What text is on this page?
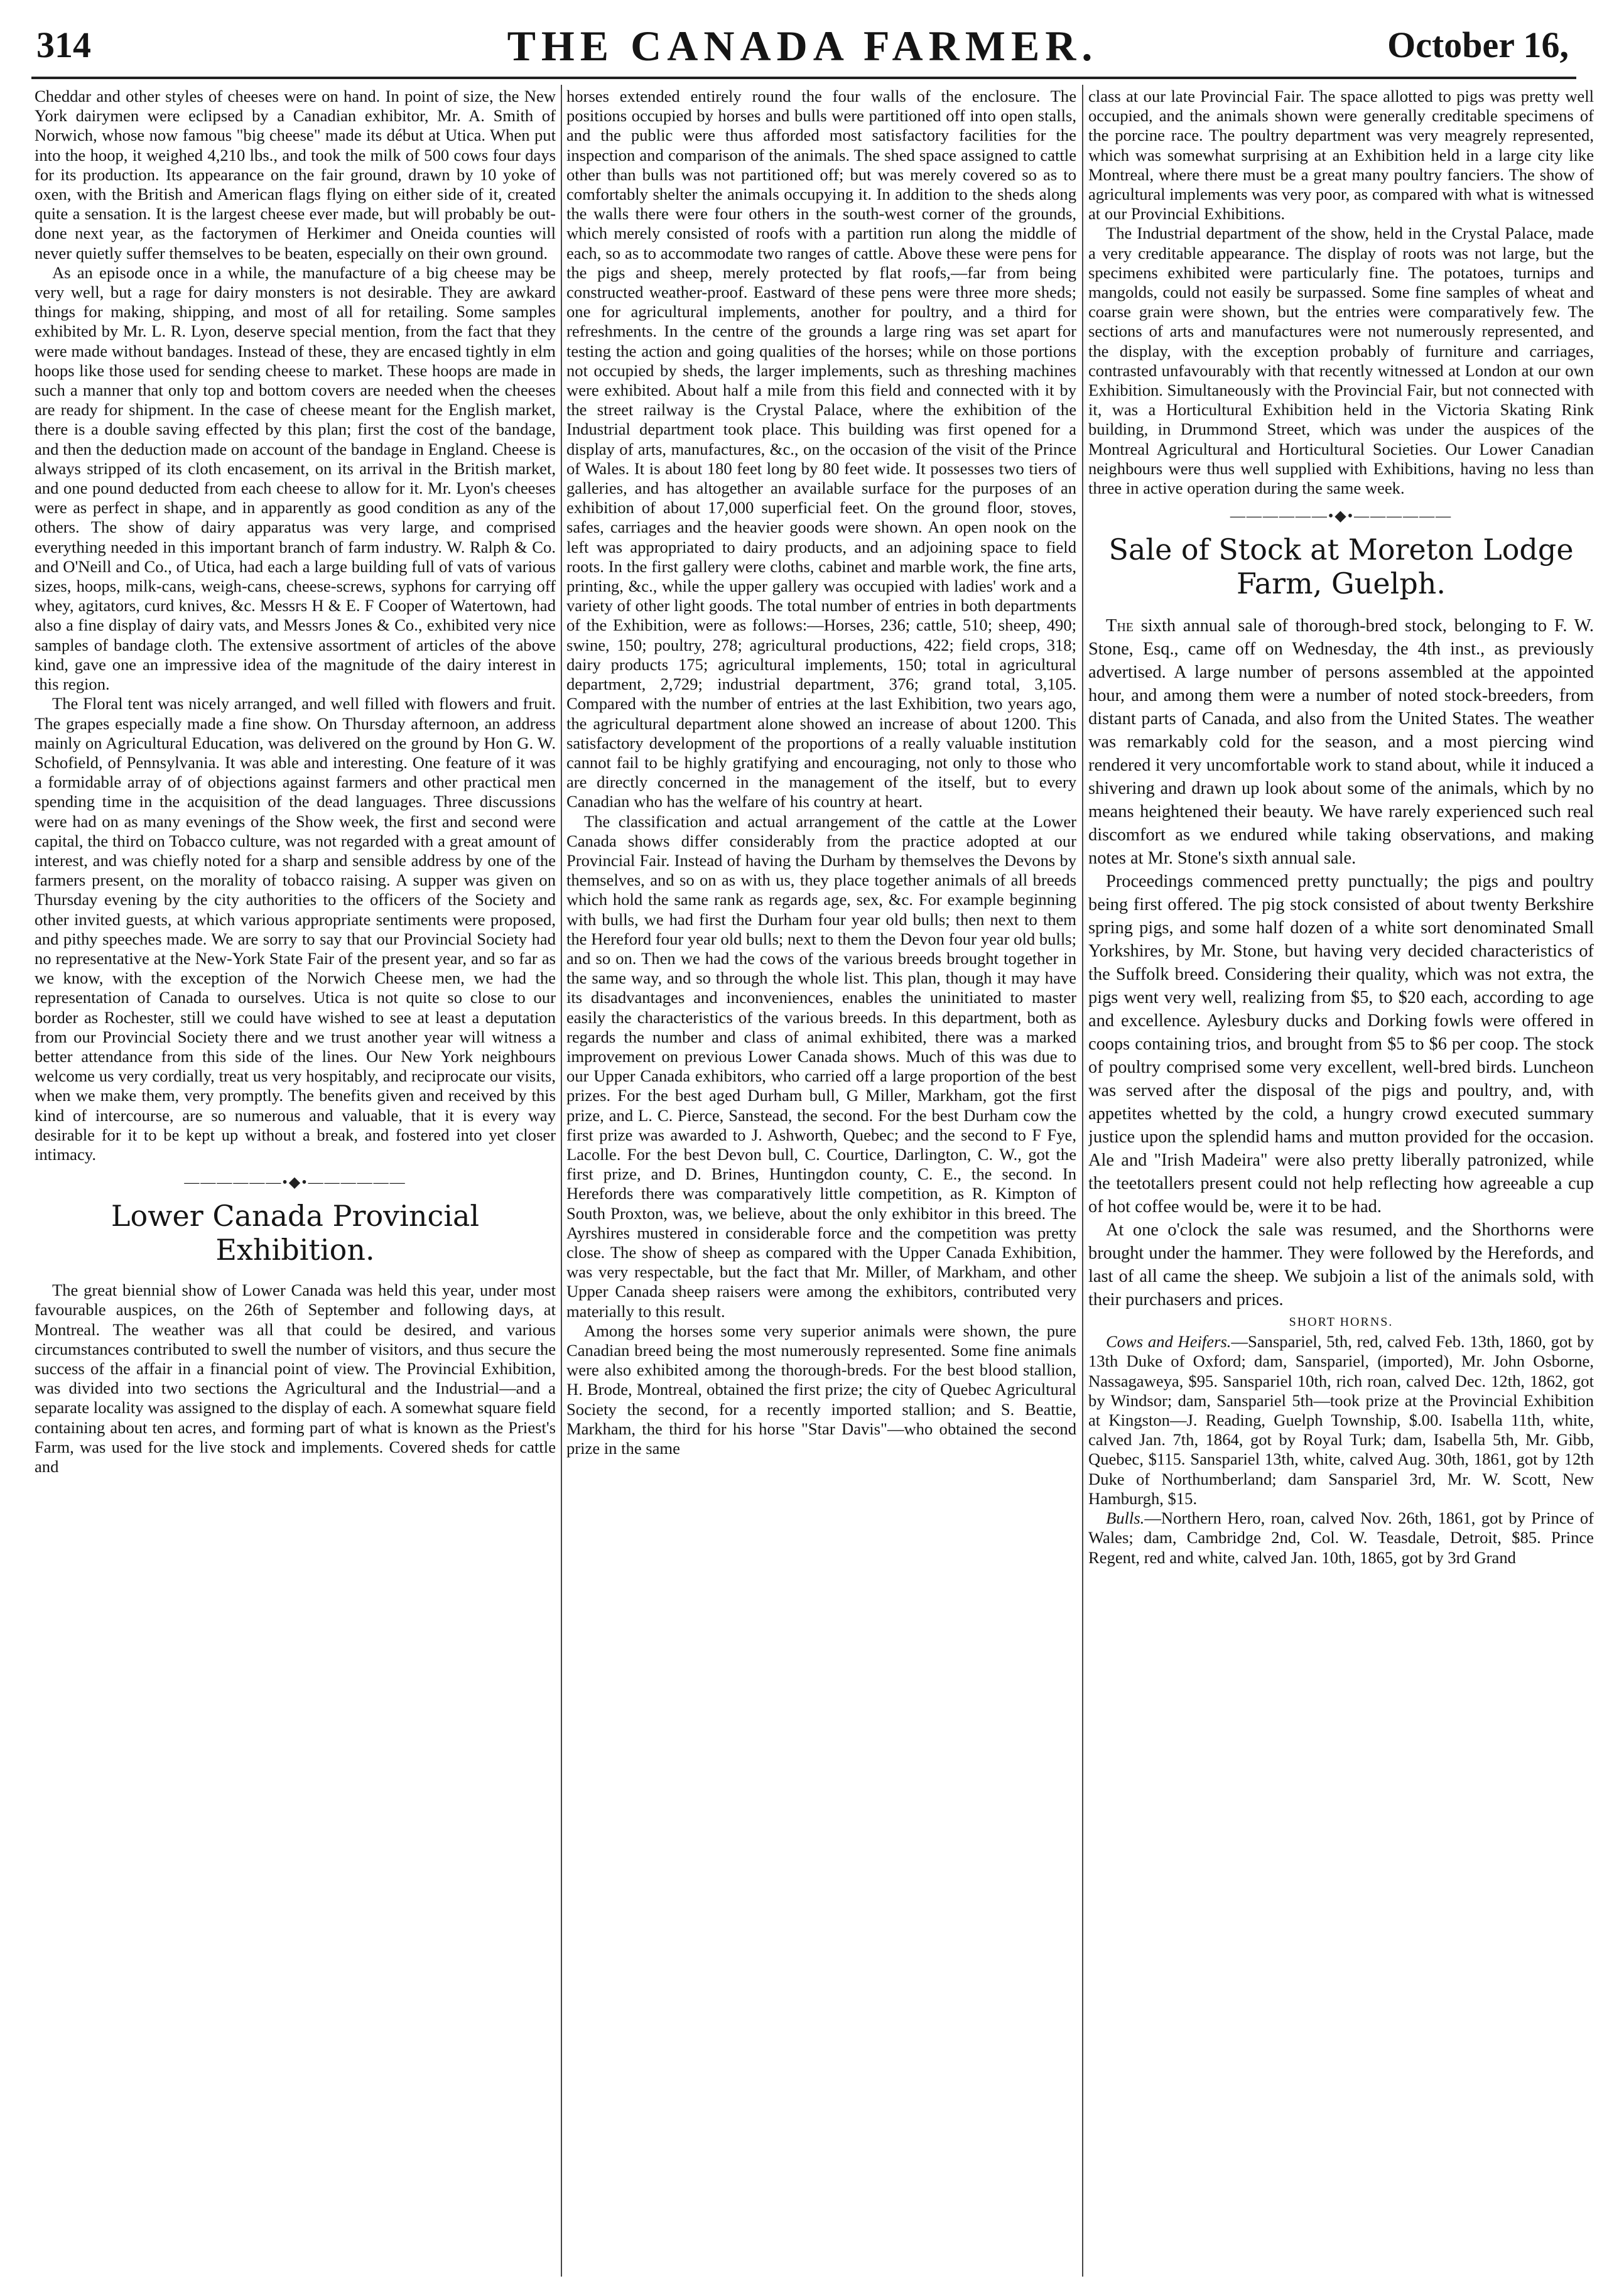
314	THE CANADA FARMER.	October 16,

Cheddar and other styles of cheeses were on hand. In point of size, the New York dairymen were eclipsed by a Canadian exhibitor, Mr. A. Smith of Norwich, whose now famous "big cheese" made its début at Utica. When put into the hoop, it weighed 4,210 lbs., and took the milk of 500 cows four days for its production. Its appearance on the fair ground, drawn by 10 yoke of oxen, with the British and American flags flying on either side of it, created quite a sensation. It is the largest cheese ever made, but will probably be out-done next year, as the factorymen of Herkimer and Oneida counties will never quietly suffer themselves to be beaten, especially on their own ground.

As an episode once in a while, the manufacture of a big cheese may be very well, but a rage for dairy monsters is not desirable. They are awkard things for making, shipping, and most of all for retailing. Some samples exhibited by Mr. L. R. Lyon, deserve special mention, from the fact that they were made without bandages. Instead of these, they are encased tightly in elm hoops like those used for sending cheese to market. These hoops are made in such a manner that only top and bottom covers are needed when the cheeses are ready for shipment. In the case of cheese meant for the English market, there is a double saving effected by this plan; first the cost of the bandage, and then the deduction made on account of the bandage in England. Cheese is always stripped of its cloth encasement, on its arrival in the British market, and one pound deducted from each cheese to allow for it. Mr. Lyon's cheeses were as perfect in shape, and in apparently as good condition as any of the others. The show of dairy apparatus was very large, and comprised everything needed in this important branch of farm industry. W. Ralph & Co. and O'Neill and Co., of Utica, had each a large building full of vats of various sizes, hoops, milk-cans, weigh-cans, cheese-screws, syphons for carrying off whey, agitators, curd knives, &c. Messrs H & E. F Cooper of Watertown, had also a fine display of dairy vats, and Messrs Jones & Co., exhibited very nice samples of bandage cloth. The extensive assortment of articles of the above kind, gave one an impressive idea of the magnitude of the dairy interest in this region.

The Floral tent was nicely arranged, and well filled with flowers and fruit. The grapes especially made a fine show. On Thursday afternoon, an address mainly on Agricultural Education, was delivered on the ground by Hon G. W. Schofield, of Pennsylvania. It was able and interesting. One feature of it was a formidable array of of objections against farmers and other practical men spending time in the acquisition of the dead languages. Three discussions were had on as many evenings of the Show week, the first and second were capital, the third on Tobacco culture, was not regarded with a great amount of interest, and was chiefly noted for a sharp and sensible address by one of the farmers present, on the morality of tobacco raising. A supper was given on Thursday evening by the city authorities to the officers of the Society and other invited guests, at which various appropriate sentiments were proposed, and pithy speeches made. We are sorry to say that our Provincial Society had no representative at the New-York State Fair of the present year, and so far as we know, with the exception of the Norwich Cheese men, we had the representation of Canada to ourselves. Utica is not quite so close to our border as Rochester, still we could have wished to see at least a deputation from our Provincial Society there and we trust another year will witness a better attendance from this side of the lines. Our New York neighbours welcome us very cordially, treat us very hospitably, and reciprocate our visits, when we make them, very promptly. The benefits given and received by this kind of intercourse, are so numerous and valuable, that it is every way desirable for it to be kept up without a break, and fostered into yet closer intimacy.

——————•◆•——————
Lower Canada Provincial Exhibition.

The great biennial show of Lower Canada was held this year, under most favourable auspices, on the 26th of September and following days, at Montreal. The weather was all that could be desired, and various circumstances contributed to swell the number of visitors, and thus secure the success of the affair in a financial point of view. The Provincial Exhibition, was divided into two sections the Agricultural and the Industrial—and a separate locality was assigned to the display of each. A somewhat square field containing about ten acres, and forming part of what is known as the Priest's Farm, was used for the live stock and implements. Covered sheds for cattle and

horses extended entirely round the four walls of the enclosure. The positions occupied by horses and bulls were partitioned off into open stalls, and the public were thus afforded most satisfactory facilities for the inspection and comparison of the animals. The shed space assigned to cattle other than bulls was not partitioned off; but was merely covered so as to comfortably shelter the animals occupying it. In addition to the sheds along the walls there were four others in the south-west corner of the grounds, which merely consisted of roofs with a partition run along the middle of each, so as to accommodate two ranges of cattle. Above these were pens for the pigs and sheep, merely protected by flat roofs,—far from being constructed weather-proof. Eastward of these pens were three more sheds; one for agricultural implements, another for poultry, and a third for refreshments. In the centre of the grounds a large ring was set apart for testing the action and going qualities of the horses; while on those portions not occupied by sheds, the larger implements, such as threshing machines were exhibited. About half a mile from this field and connected with it by the street railway is the Crystal Palace, where the exhibition of the Industrial department took place. This building was first opened for a display of arts, manufactures, &c., on the occasion of the visit of the Prince of Wales. It is about 180 feet long by 80 feet wide. It possesses two tiers of galleries, and has altogether an available surface for the purposes of an exhibition of about 17,000 superficial feet. On the ground floor, stoves, safes, carriages and the heavier goods were shown. An open nook on the left was appropriated to dairy products, and an adjoining space to field roots. In the first gallery were cloths, cabinet and marble work, the fine arts, printing, &c., while the upper gallery was occupied with ladies' work and a variety of other light goods. The total number of entries in both departments of the Exhibition, were as follows:—Horses, 236; cattle, 510; sheep, 490; swine, 150; poultry, 278; agricultural productions, 422; field crops, 318; dairy products 175; agricultural implements, 150; total in agricultural department, 2,729; industrial department, 376; grand total, 3,105. Compared with the number of entries at the last Exhibition, two years ago, the agricultural department alone showed an increase of about 1200. This satisfactory development of the proportions of a really valuable institution cannot fail to be highly gratifying and encouraging, not only to those who are directly concerned in the management of the itself, but to every Canadian who has the welfare of his country at heart.

The classification and actual arrangement of the cattle at the Lower Canada shows differ considerably from the practice adopted at our Provincial Fair. Instead of having the Durham by themselves the Devons by themselves, and so on as with us, they place together animals of all breeds which hold the same rank as regards age, sex, &c. For example beginning with bulls, we had first the Durham four year old bulls; then next to them the Hereford four year old bulls; next to them the Devon four year old bulls; and so on. Then we had the cows of the various breeds brought together in the same way, and so through the whole list. This plan, though it may have its disadvantages and inconveniences, enables the uninitiated to master easily the characteristics of the various breeds. In this department, both as regards the number and class of animal exhibited, there was a marked improvement on previous Lower Canada shows. Much of this was due to our Upper Canada exhibitors, who carried off a large proportion of the best prizes. For the best aged Durham bull, G Miller, Markham, got the first prize, and L. C. Pierce, Sanstead, the second. For the best Durham cow the first prize was awarded to J. Ashworth, Quebec; and the second to F Fye, Lacolle. For the best Devon bull, C. Courtice, Darlington, C. W., got the first prize, and D. Brines, Huntingdon county, C. E., the second. In Herefords there was comparatively little competition, as R. Kimpton of South Proxton, was, we believe, about the only exhibitor in this breed. The Ayrshires mustered in considerable force and the competition was pretty close. The show of sheep as compared with the Upper Canada Exhibition, was very respectable, but the fact that Mr. Miller, of Markham, and other Upper Canada sheep raisers were among the exhibitors, contributed very materially to this result.

Among the horses some very superior animals were shown, the pure Canadian breed being the most numerously represented. Some fine animals were also exhibited among the thorough-breds. For the best blood stallion, H. Brode, Montreal, obtained the first prize; the city of Quebec Agricultural Society the second, for a recently imported stallion; and S. Beattie, Markham, the third for his horse "Star Davis"—who obtained the second prize in the same

class at our late Provincial Fair. The space allotted to pigs was pretty well occupied, and the animals shown were generally creditable specimens of the porcine race. The poultry department was very meagrely represented, which was somewhat surprising at an Exhibition held in a large city like Montreal, where there must be a great many poultry fanciers. The show of agricultural implements was very poor, as compared with what is witnessed at our Provincial Exhibitions.

The Industrial department of the show, held in the Crystal Palace, made a very creditable appearance. The display of roots was not large, but the specimens exhibited were particularly fine. The potatoes, turnips and mangolds, could not easily be surpassed. Some fine samples of wheat and coarse grain were shown, but the entries were comparatively few. The sections of arts and manufactures were not numerously represented, and the display, with the exception probably of furniture and carriages, contrasted unfavourably with that recently witnessed at London at our own Exhibition. Simultaneously with the Provincial Fair, but not connected with it, was a Horticultural Exhibition held in the Victoria Skating Rink building, in Drummond Street, which was under the auspices of the Montreal Agricultural and Horticultural Societies. Our Lower Canadian neighbours were thus well supplied with Exhibitions, having no less than three in active operation during the same week.

——————•◆•——————
Sale of Stock at Moreton Lodge Farm, Guelph.

The sixth annual sale of thorough-bred stock, belonging to F. W. Stone, Esq., came off on Wednesday, the 4th inst., as previously advertised. A large number of persons assembled at the appointed hour, and among them were a number of noted stock-breeders, from distant parts of Canada, and also from the United States. The weather was remarkably cold for the season, and a most piercing wind rendered it very uncomfortable work to stand about, while it induced a shivering and drawn up look about some of the animals, which by no means heightened their beauty. We have rarely experienced such real discomfort as we endured while taking observations, and making notes at Mr. Stone's sixth annual sale.

Proceedings commenced pretty punctually; the pigs and poultry being first offered. The pig stock consisted of about twenty Berkshire spring pigs, and some half dozen of a white sort denominated Small Yorkshires, by Mr. Stone, but having very decided characteristics of the Suffolk breed. Considering their quality, which was not extra, the pigs went very well, realizing from $5, to $20 each, according to age and excellence. Aylesbury ducks and Dorking fowls were offered in coops containing trios, and brought from $5 to $6 per coop. The stock of poultry comprised some very excellent, well-bred birds. Luncheon was served after the disposal of the pigs and poultry, and, with appetites whetted by the cold, a hungry crowd executed summary justice upon the splendid hams and mutton provided for the occasion. Ale and "Irish Madeira" were also pretty liberally patronized, while the teetotallers present could not help reflecting how agreeable a cup of hot coffee would be, were it to be had.

At one o'clock the sale was resumed, and the Shorthorns were brought under the hammer. They were followed by the Herefords, and last of all came the sheep. We subjoin a list of the animals sold, with their purchasers and prices.

SHORT HORNS.

Cows and Heifers.—Sanspariel, 5th, red, calved Feb. 13th, 1860, got by 13th Duke of Oxford; dam, Sanspariel, (imported), Mr. John Osborne, Nassagaweya, $95. Sanspariel 10th, rich roan, calved Dec. 12th, 1862, got by Windsor; dam, Sanspariel 5th—took prize at the Provincial Exhibition at Kingston—J. Reading, Guelph Township, $.00. Isabella 11th, white, calved Jan. 7th, 1864, got by Royal Turk; dam, Isabella 5th, Mr. Gibb, Quebec, $115. Sanspariel 13th, white, calved Aug. 30th, 1861, got by 12th Duke of Northumberland; dam Sanspariel 3rd, Mr. W. Scott, New Hamburgh, $15.

Bulls.—Northern Hero, roan, calved Nov. 26th, 1861, got by Prince of Wales; dam, Cambridge 2nd, Col. W. Teasdale, Detroit, $85. Prince Regent, red and white, calved Jan. 10th, 1865, got by 3rd Grand
